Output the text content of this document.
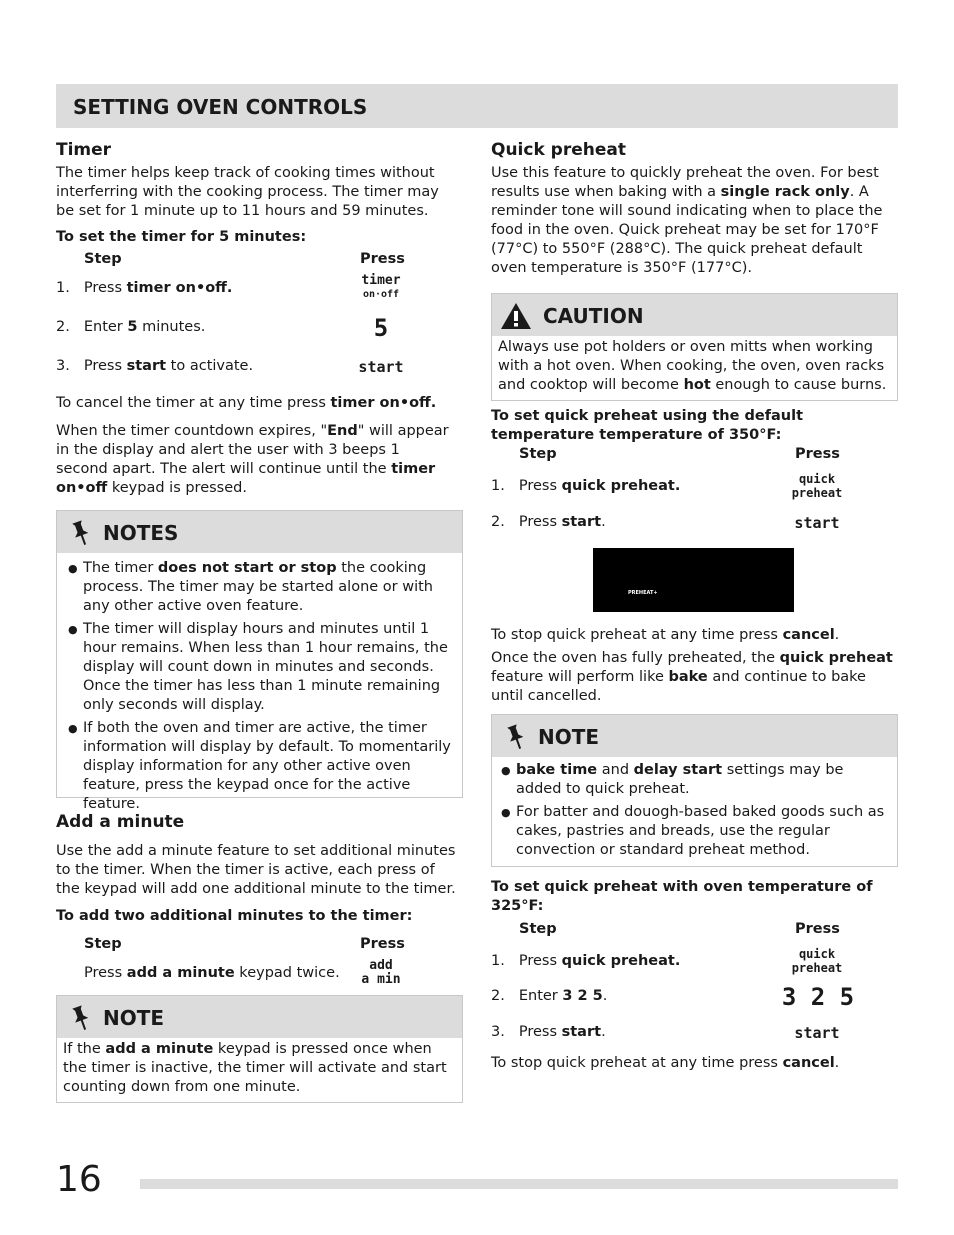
SETTING OVEN CONTROLS
Timer

The timer helps keep track of cooking times without interferring with the cooking process. The timer may be set for 1 minute up to 11 hours and 59 minutes.

To set the timer for 5 minutes:

Step	Press

1. Press timer on•off.	timer
on·off

2. Enter 5 minutes.	5

3. Press start to activate.	start

To cancel the timer at any time press timer on•off.

When the timer countdown expires, "End" will appear in the display and alert the user with 3 beeps 1 second apart. The alert will continue until the timer on•off keypad is pressed.

NOTES
● The timer does not start or stop the cooking process. The timer may be started alone or with any other active oven feature.
● The timer will display hours and minutes until 1 hour remains. When less than 1 hour remains, the display will count down in minutes and seconds. Once the timer has less than 1 minute remaining only seconds will display.
● If both the oven and timer are active, the timer information will display by default. To momentarily display information for any other active oven feature, press the keypad once for the active feature.
Add a minute

Use the add a minute feature to set additional minutes to the timer. When the timer is active, each press of the keypad will add one additional minute to the timer.

To add two additional minutes to the timer:

Step	Press

Press add a minute keypad twice.	add
a min
NOTE

If the add a minute keypad is pressed once when the timer is inactive, the timer will activate and start counting down from one minute.

Quick preheat

Use this feature to quickly preheat the oven. For best results use when baking with a single rack only. A reminder tone will sound indicating when to place the food in the oven. Quick preheat may be set for 170°F (77°C) to 550°F (288°C). The quick preheat default oven temperature is 350°F (177°C).

CAUTION

Always use pot holders or oven mitts when working with a hot oven. When cooking, the oven, oven racks and cooktop will become hot enough to cause burns.

To set quick preheat using the default temperature temperature of 350°F:

Step	Press

1. Press quick preheat.	quick
preheat

2. Press start.	start
PREHEAT+

To stop quick preheat at any time press cancel.

Once the oven has fully preheated, the quick preheat feature will perform like bake and continue to bake until cancelled.

NOTE
● bake time and delay start settings may be added to quick preheat.
● For batter and douogh-based baked goods such as cakes, pastries and breads, use the regular convection or standard preheat method.

To set quick preheat with oven temperature of 325°F:

Step	Press

1. Press quick preheat.	quick
preheat

2. Enter 3 2 5.	3 2 5

3. Press start.	start

To stop quick preheat at any time press cancel.

16
